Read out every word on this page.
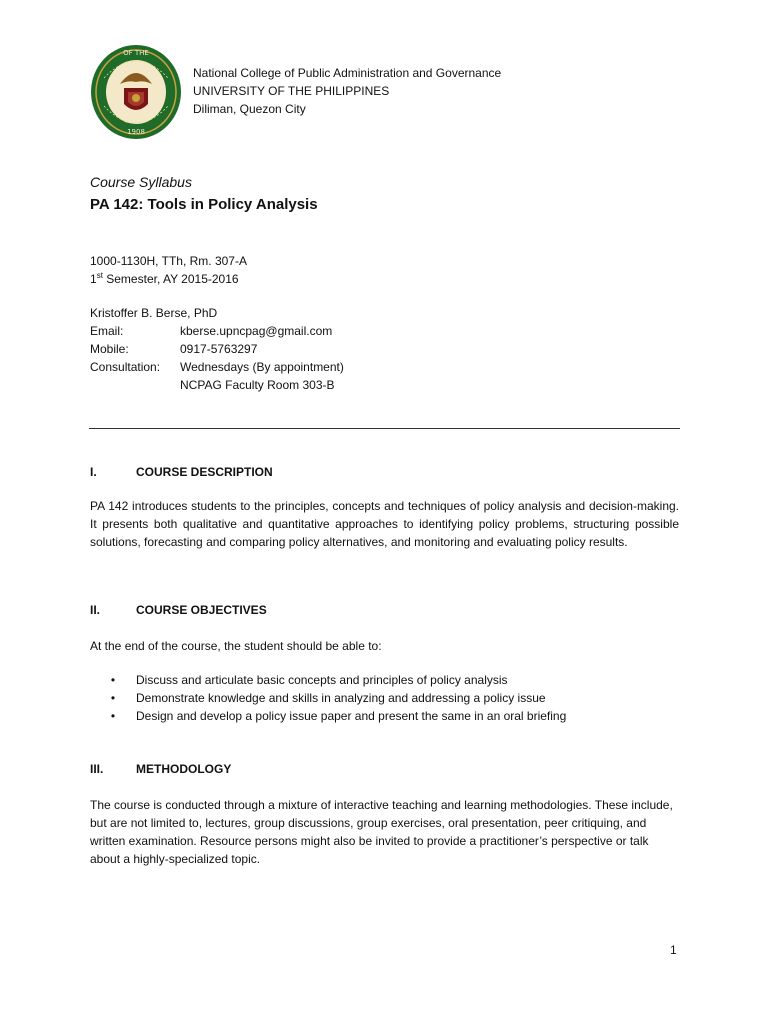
OF THE
1908
National College of Public Administration and Governance
UNIVERSITY OF THE PHILIPPINES
Diliman, Quezon City
Course Syllabus
PA 142: Tools in Policy Analysis
1000-1130H, TTh, Rm. 307-A
1st Semester, AY 2015-2016
Kristoffer B. Berse, PhD
Email:	kberse.upncpag@gmail.com
Mobile:	0917-5763297
Consultation:	Wednesdays (By appointment)
NCPAG Faculty Room 303-B
I.	COURSE DESCRIPTION
PA 142 introduces students to the principles, concepts and techniques of policy analysis and decision-making. It presents both qualitative and quantitative approaches to identifying policy problems, structuring possible solutions, forecasting and comparing policy alternatives, and monitoring and evaluating policy results.
II.	COURSE OBJECTIVES
At the end of the course, the student should be able to:
•	Discuss and articulate basic concepts and principles of policy analysis
•	Demonstrate knowledge and skills in analyzing and addressing a policy issue
•	Design and develop a policy issue paper and present the same in an oral briefing
III.	METHODOLOGY
The course is conducted through a mixture of interactive teaching and learning methodologies. These include, but are not limited to, lectures, group discussions, group exercises, oral presentation, peer critiquing, and written examination. Resource persons might also be invited to provide a practitioner’s perspective or talk about a highly-specialized topic.
1
